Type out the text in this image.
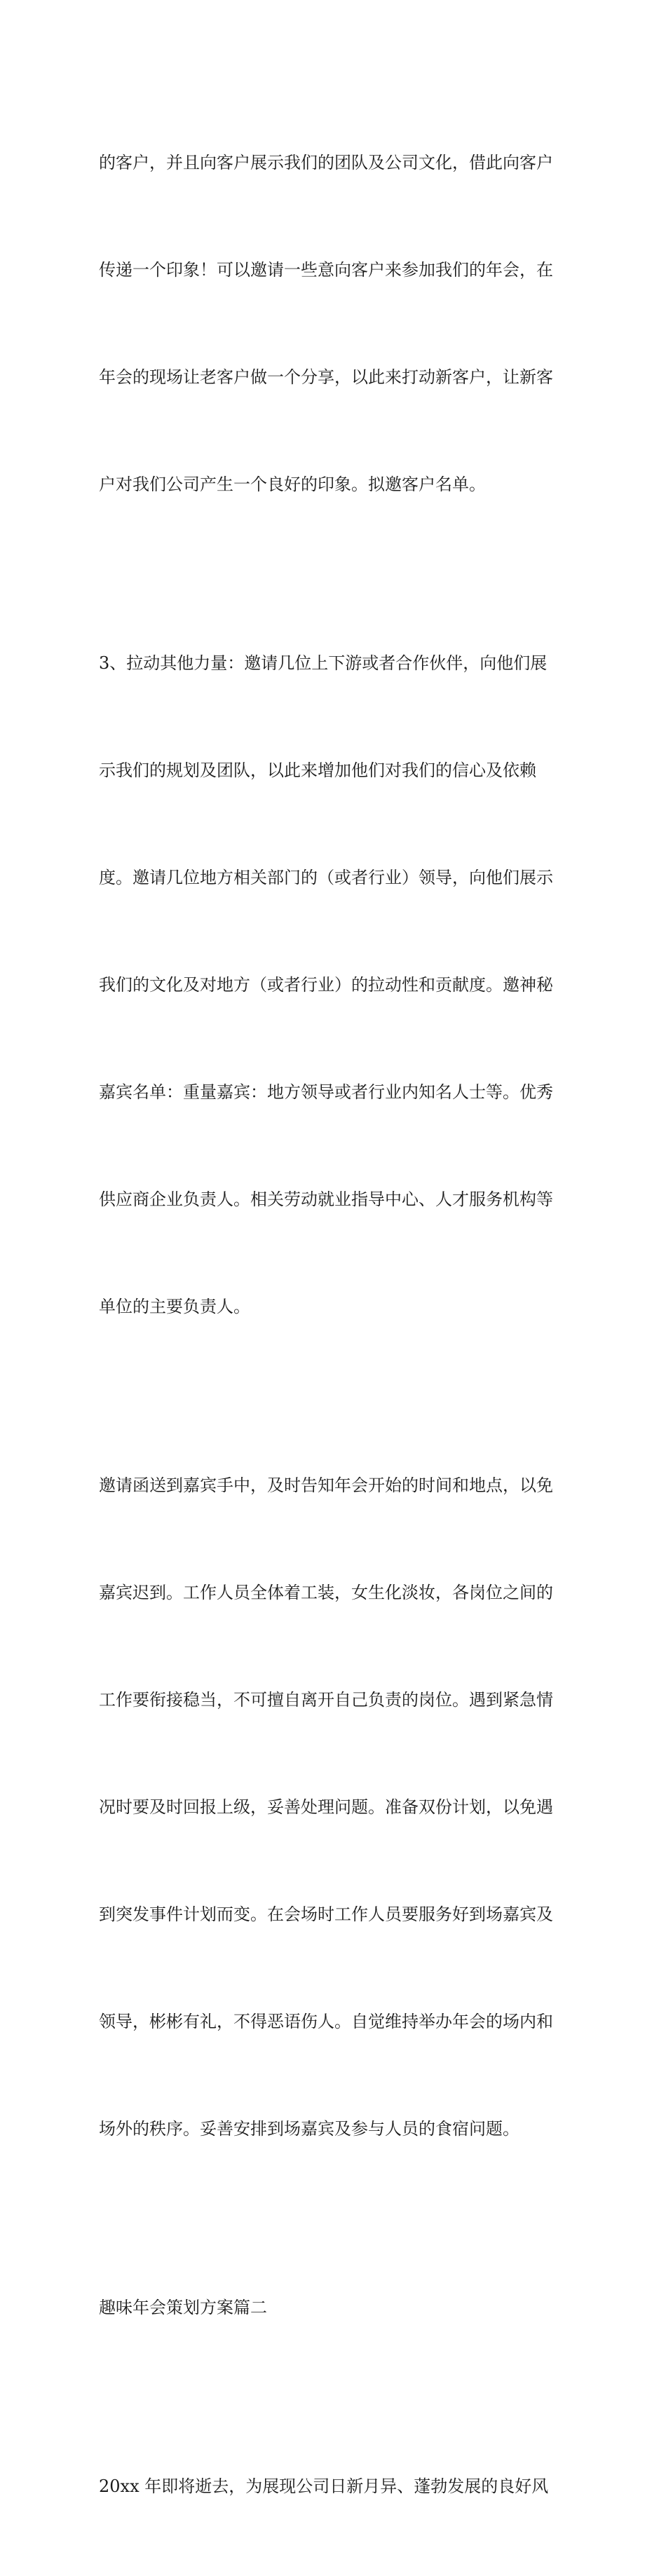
的客户，并且向客户展示我们的团队及公司文化，借此向客户

传递一个印象！可以邀请一些意向客户来参加我们的年会，在

年会的现场让老客户做一个分享，以此来打动新客户，让新客

户对我们公司产生一个良好的印象。拟邀客户名单。

3、拉动其他力量：邀请几位上下游或者合作伙伴，向他们展

示我们的规划及团队，以此来增加他们对我们的信心及依赖

度。邀请几位地方相关部门的（或者行业）领导，向他们展示

我们的文化及对地方（或者行业）的拉动性和贡献度。邀神秘

嘉宾名单：重量嘉宾：地方领导或者行业内知名人士等。优秀

供应商企业负责人。相关劳动就业指导中心、人才服务机构等

单位的主要负责人。

邀请函送到嘉宾手中，及时告知年会开始的时间和地点，以免

嘉宾迟到。工作人员全体着工装，女生化淡妆，各岗位之间的

工作要衔接稳当，不可擅自离开自己负责的岗位。遇到紧急情

况时要及时回报上级，妥善处理问题。准备双份计划，以免遇

到突发事件计划而变。在会场时工作人员要服务好到场嘉宾及

领导，彬彬有礼，不得恶语伤人。自觉维持举办年会的场内和

场外的秩序。妥善安排到场嘉宾及参与人员的食宿问题。

趣味年会策划方案篇二

20xx 年即将逝去，为展现公司日新月异、蓬勃发展的良好风
